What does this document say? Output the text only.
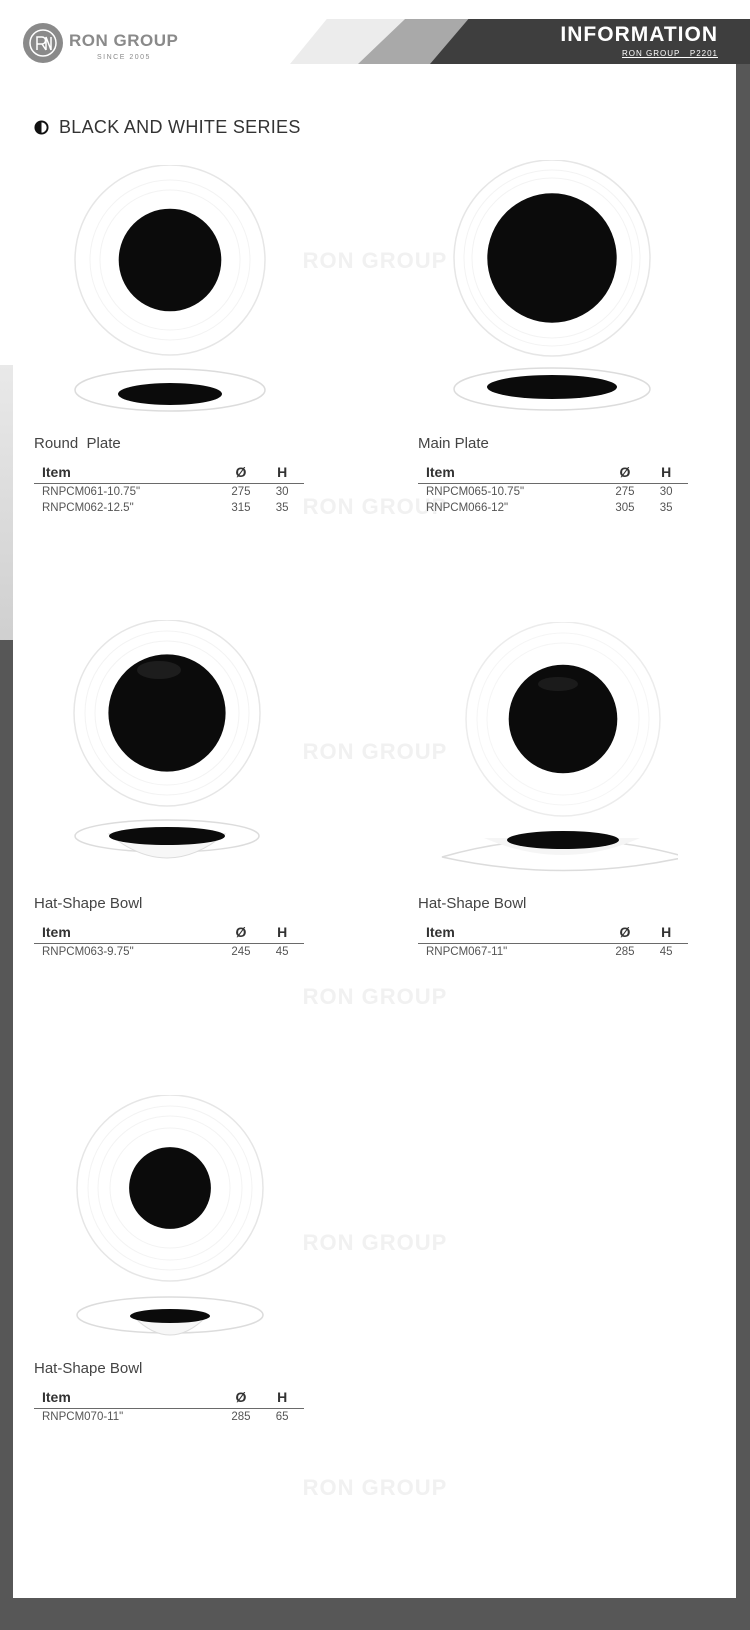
INFORMATION
RON GROUP   P2201
RON GROUP
SINCE 2005
BLACK AND WHITE SERIES
RON GROUP
RON GROUP
RON GROUP
RON GROUP
RON GROUP
RON GROUP
Round  Plate
Item	Ø	H
RNPCM061-10.75"	275	30
RNPCM062-12.5"	315	35
Main Plate
Item	Ø	H
RNPCM065-10.75"	275	30
RNPCM066-12"	305	35
Hat-Shape Bowl
Item	Ø	H
RNPCM063-9.75"	245	45
Hat-Shape Bowl
Item	Ø	H
RNPCM067-11"	285	45
Hat-Shape Bowl
Item	Ø	H
RNPCM070-11"	285	65
